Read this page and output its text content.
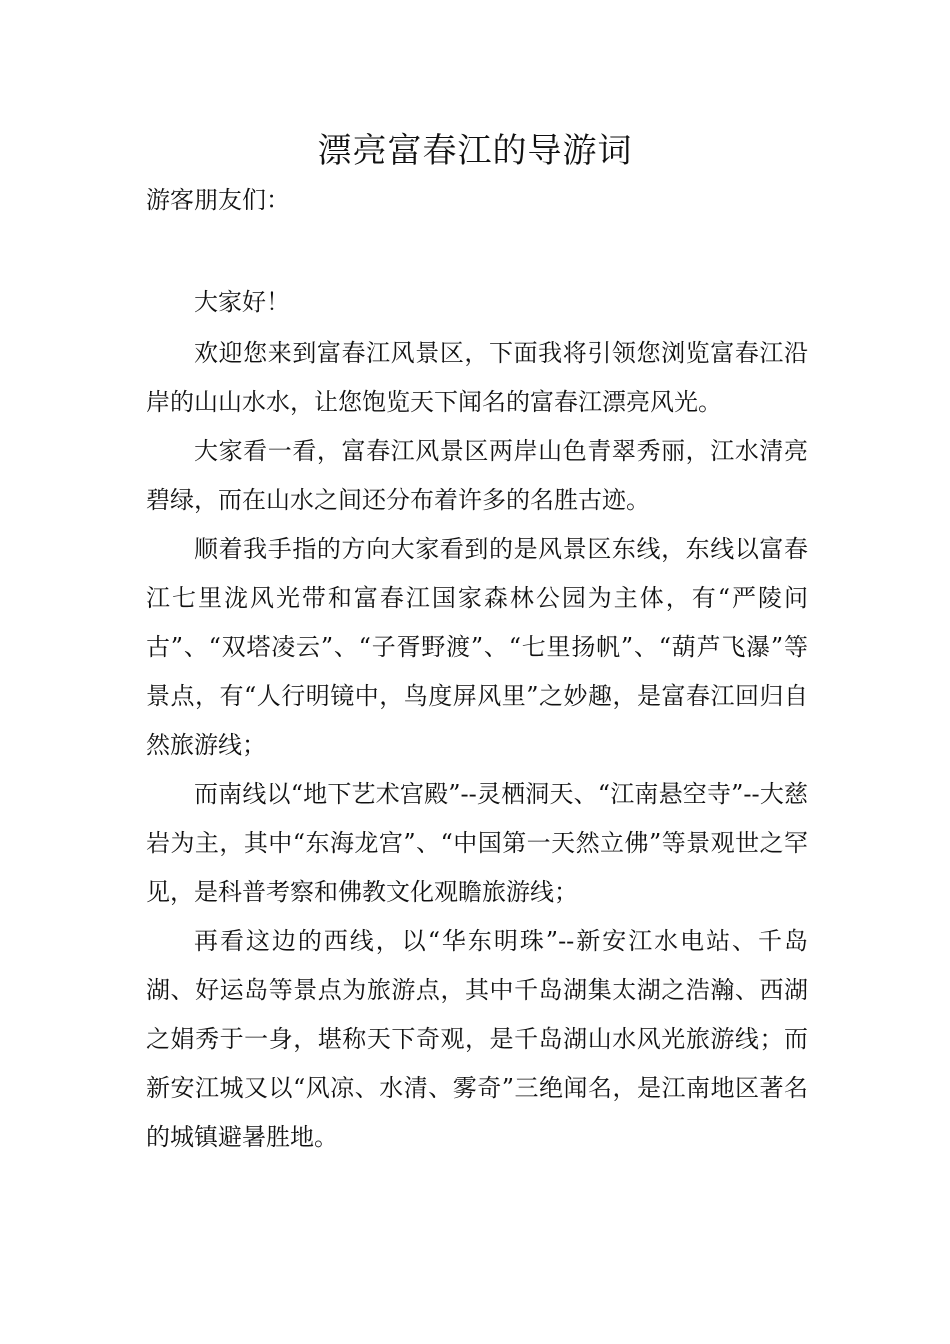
漂亮富春江的导游词

游客朋友们：

大家好！

欢迎您来到富春江风景区，下面我将引领您浏览富春江沿岸的山山水水，让您饱览天下闻名的富春江漂亮风光。

大家看一看，富春江风景区两岸山色青翠秀丽，江水清亮碧绿，而在山水之间还分布着许多的名胜古迹。

顺着我手指的方向大家看到的是风景区东线，东线以富春江七里泷风光带和富春江国家森林公园为主体，有“严陵问古”、“双塔凌云”、“子胥野渡”、“七里扬帆”、“葫芦飞瀑”等景点，有“人行明镜中，鸟度屏风里”之妙趣，是富春江回归自然旅游线；

而南线以“地下艺术宫殿”--灵栖洞天、“江南悬空寺”--大慈岩为主，其中“东海龙宫”、“中国第一天然立佛”等景观世之罕见，是科普考察和佛教文化观瞻旅游线；

再看这边的西线，以“华东明珠”--新安江水电站、千岛湖、好运岛等景点为旅游点，其中千岛湖集太湖之浩瀚、西湖之娟秀于一身，堪称天下奇观，是千岛湖山水风光旅游线；而新安江城又以“风凉、水清、雾奇”三绝闻名，是江南地区著名的城镇避暑胜地。
